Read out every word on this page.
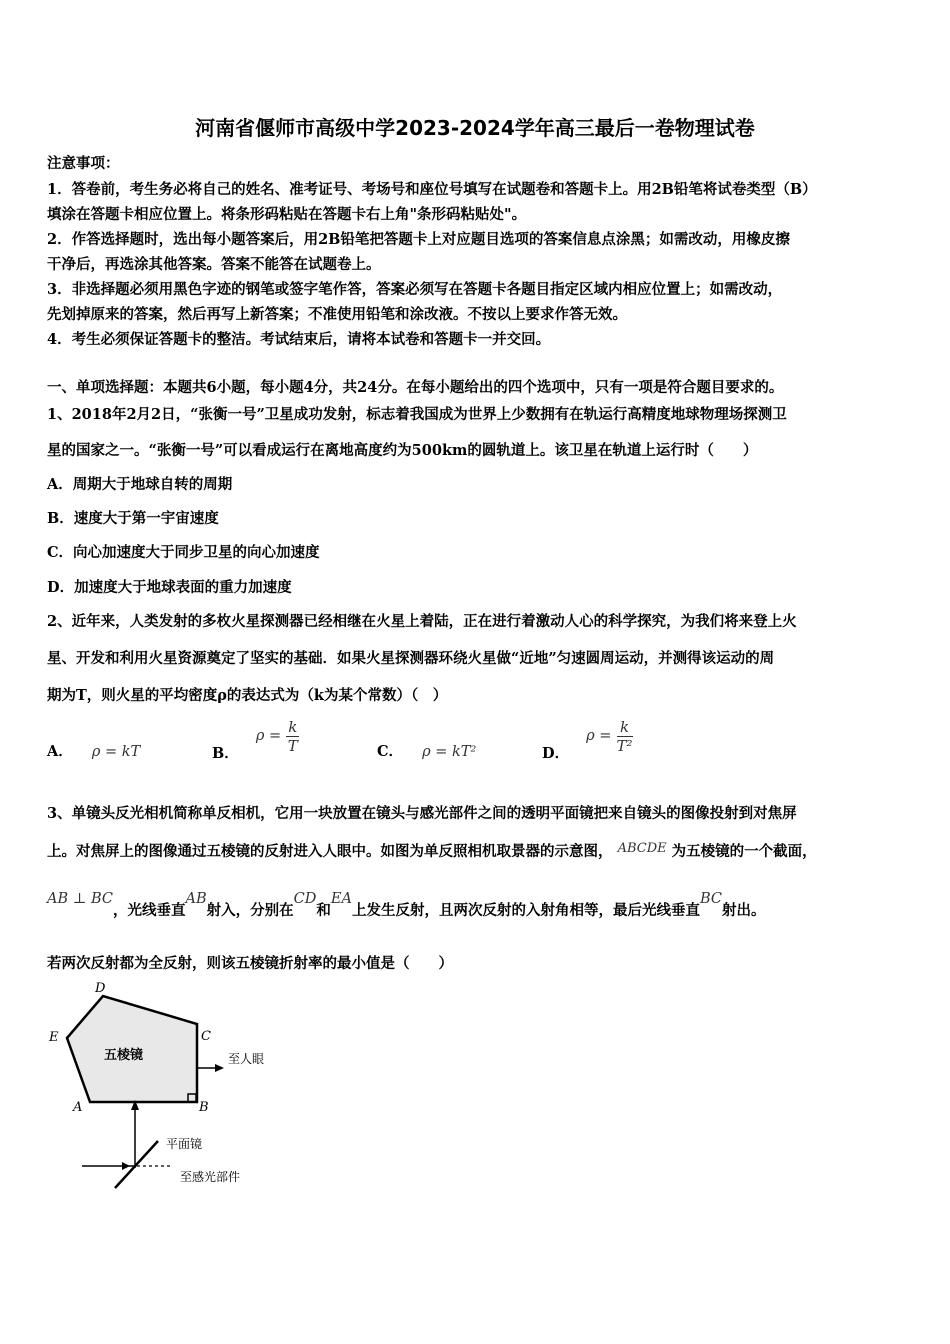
河南省偃师市高级中学2023-2024学年高三最后一卷物理试卷
注意事项：
1．答卷前，考生务必将自己的姓名、准考证号、考场号和座位号填写在试题卷和答题卡上。用2B铅笔将试卷类型（B）
填涂在答题卡相应位置上。将条形码粘贴在答题卡右上角"条形码粘贴处"。
2．作答选择题时，选出每小题答案后，用2B铅笔把答题卡上对应题目选项的答案信息点涂黑；如需改动，用橡皮擦
干净后，再选涂其他答案。答案不能答在试题卷上。
3．非选择题必须用黑色字迹的钢笔或签字笔作答，答案必须写在答题卡各题目指定区域内相应位置上；如需改动，
先划掉原来的答案，然后再写上新答案；不准使用铅笔和涂改液。不按以上要求作答无效。
4．考生必须保证答题卡的整洁。考试结束后，请将本试卷和答题卡一并交回。
一、单项选择题：本题共6小题，每小题4分，共24分。在每小题给出的四个选项中，只有一项是符合题目要求的。
1、2018年2月2日，“张衡一号”卫星成功发射，标志着我国成为世界上少数拥有在轨运行高精度地球物理场探测卫
星的国家之一。“张衡一号”可以看成运行在离地高度约为500km的圆轨道上。该卫星在轨道上运行时（　　）
A．周期大于地球自转的周期
B．速度大于第一宇宙速度
C．向心加速度大于同步卫星的向心加速度
D．加速度大于地球表面的重力加速度
2、近年来，人类发射的多枚火星探测器已经相继在火星上着陆，正在进行着激动人心的科学探究，为我们将来登上火
星、开发和利用火星资源奠定了坚实的基础．如果火星探测器环绕火星做“近地”匀速圆周运动，并测得该运动的周
期为T，则火星的平均密度ρ的表达式为（k为某个常数）（　）
A． ρ = kT	B． $\rho = \frac{k}{T}$	C． ρ = kT²	D． $\rho = \frac{k}{\text{T²}}$
3、单镜头反光相机简称单反相机，它用一块放置在镜头与感光部件之间的透明平面镜把来自镜头的图像投射到对焦屏
上。对焦屏上的图像通过五棱镜的反射进入人眼中。如图为单反照相机取景器的示意图， ABCDE 为五棱镜的一个截面，
AB ⊥ BC，光线垂直AB射入，分别在CD和EA上发生反射，且两次反射的入射角相等，最后光线垂直BC射出。
若两次反射都为全反射，则该五棱镜折射率的最小值是（　　）
D
E	C
A	B
五棱镜	至人眼
平面镜
至感光部件
